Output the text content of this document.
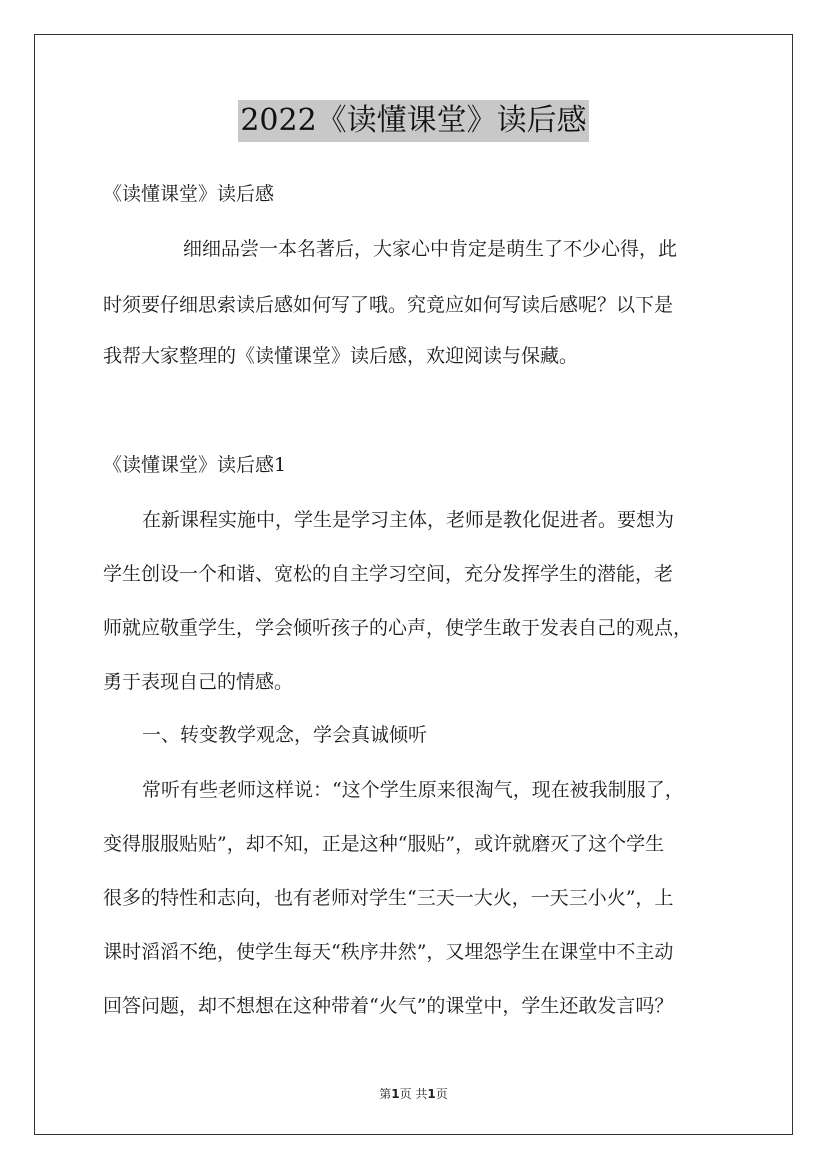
2022《读懂课堂》读后感
《读懂课堂》读后感
细细品尝一本名著后，大家心中肯定是萌生了不少心得，此
时须要仔细思索读后感如何写了哦。究竟应如何写读后感呢？以下是
我帮大家整理的《读懂课堂》读后感，欢迎阅读与保藏。
《读懂课堂》读后感1
在新课程实施中，学生是学习主体，老师是教化促进者。要想为
学生创设一个和谐、宽松的自主学习空间，充分发挥学生的潜能，老
师就应敬重学生，学会倾听孩子的心声，使学生敢于发表自己的观点，
勇于表现自己的情感。
一、转变教学观念，学会真诚倾听
常听有些老师这样说：“这个学生原来很淘气，现在被我制服了，
变得服服贴贴”，却不知，正是这种“服贴”，或许就磨灭了这个学生
很多的特性和志向，也有老师对学生“三天一大火，一天三小火”，上
课时滔滔不绝，使学生每天“秩序井然”，又埋怨学生在课堂中不主动
回答问题，却不想想在这种带着“火气”的课堂中，学生还敢发言吗？
第1页 共1页
